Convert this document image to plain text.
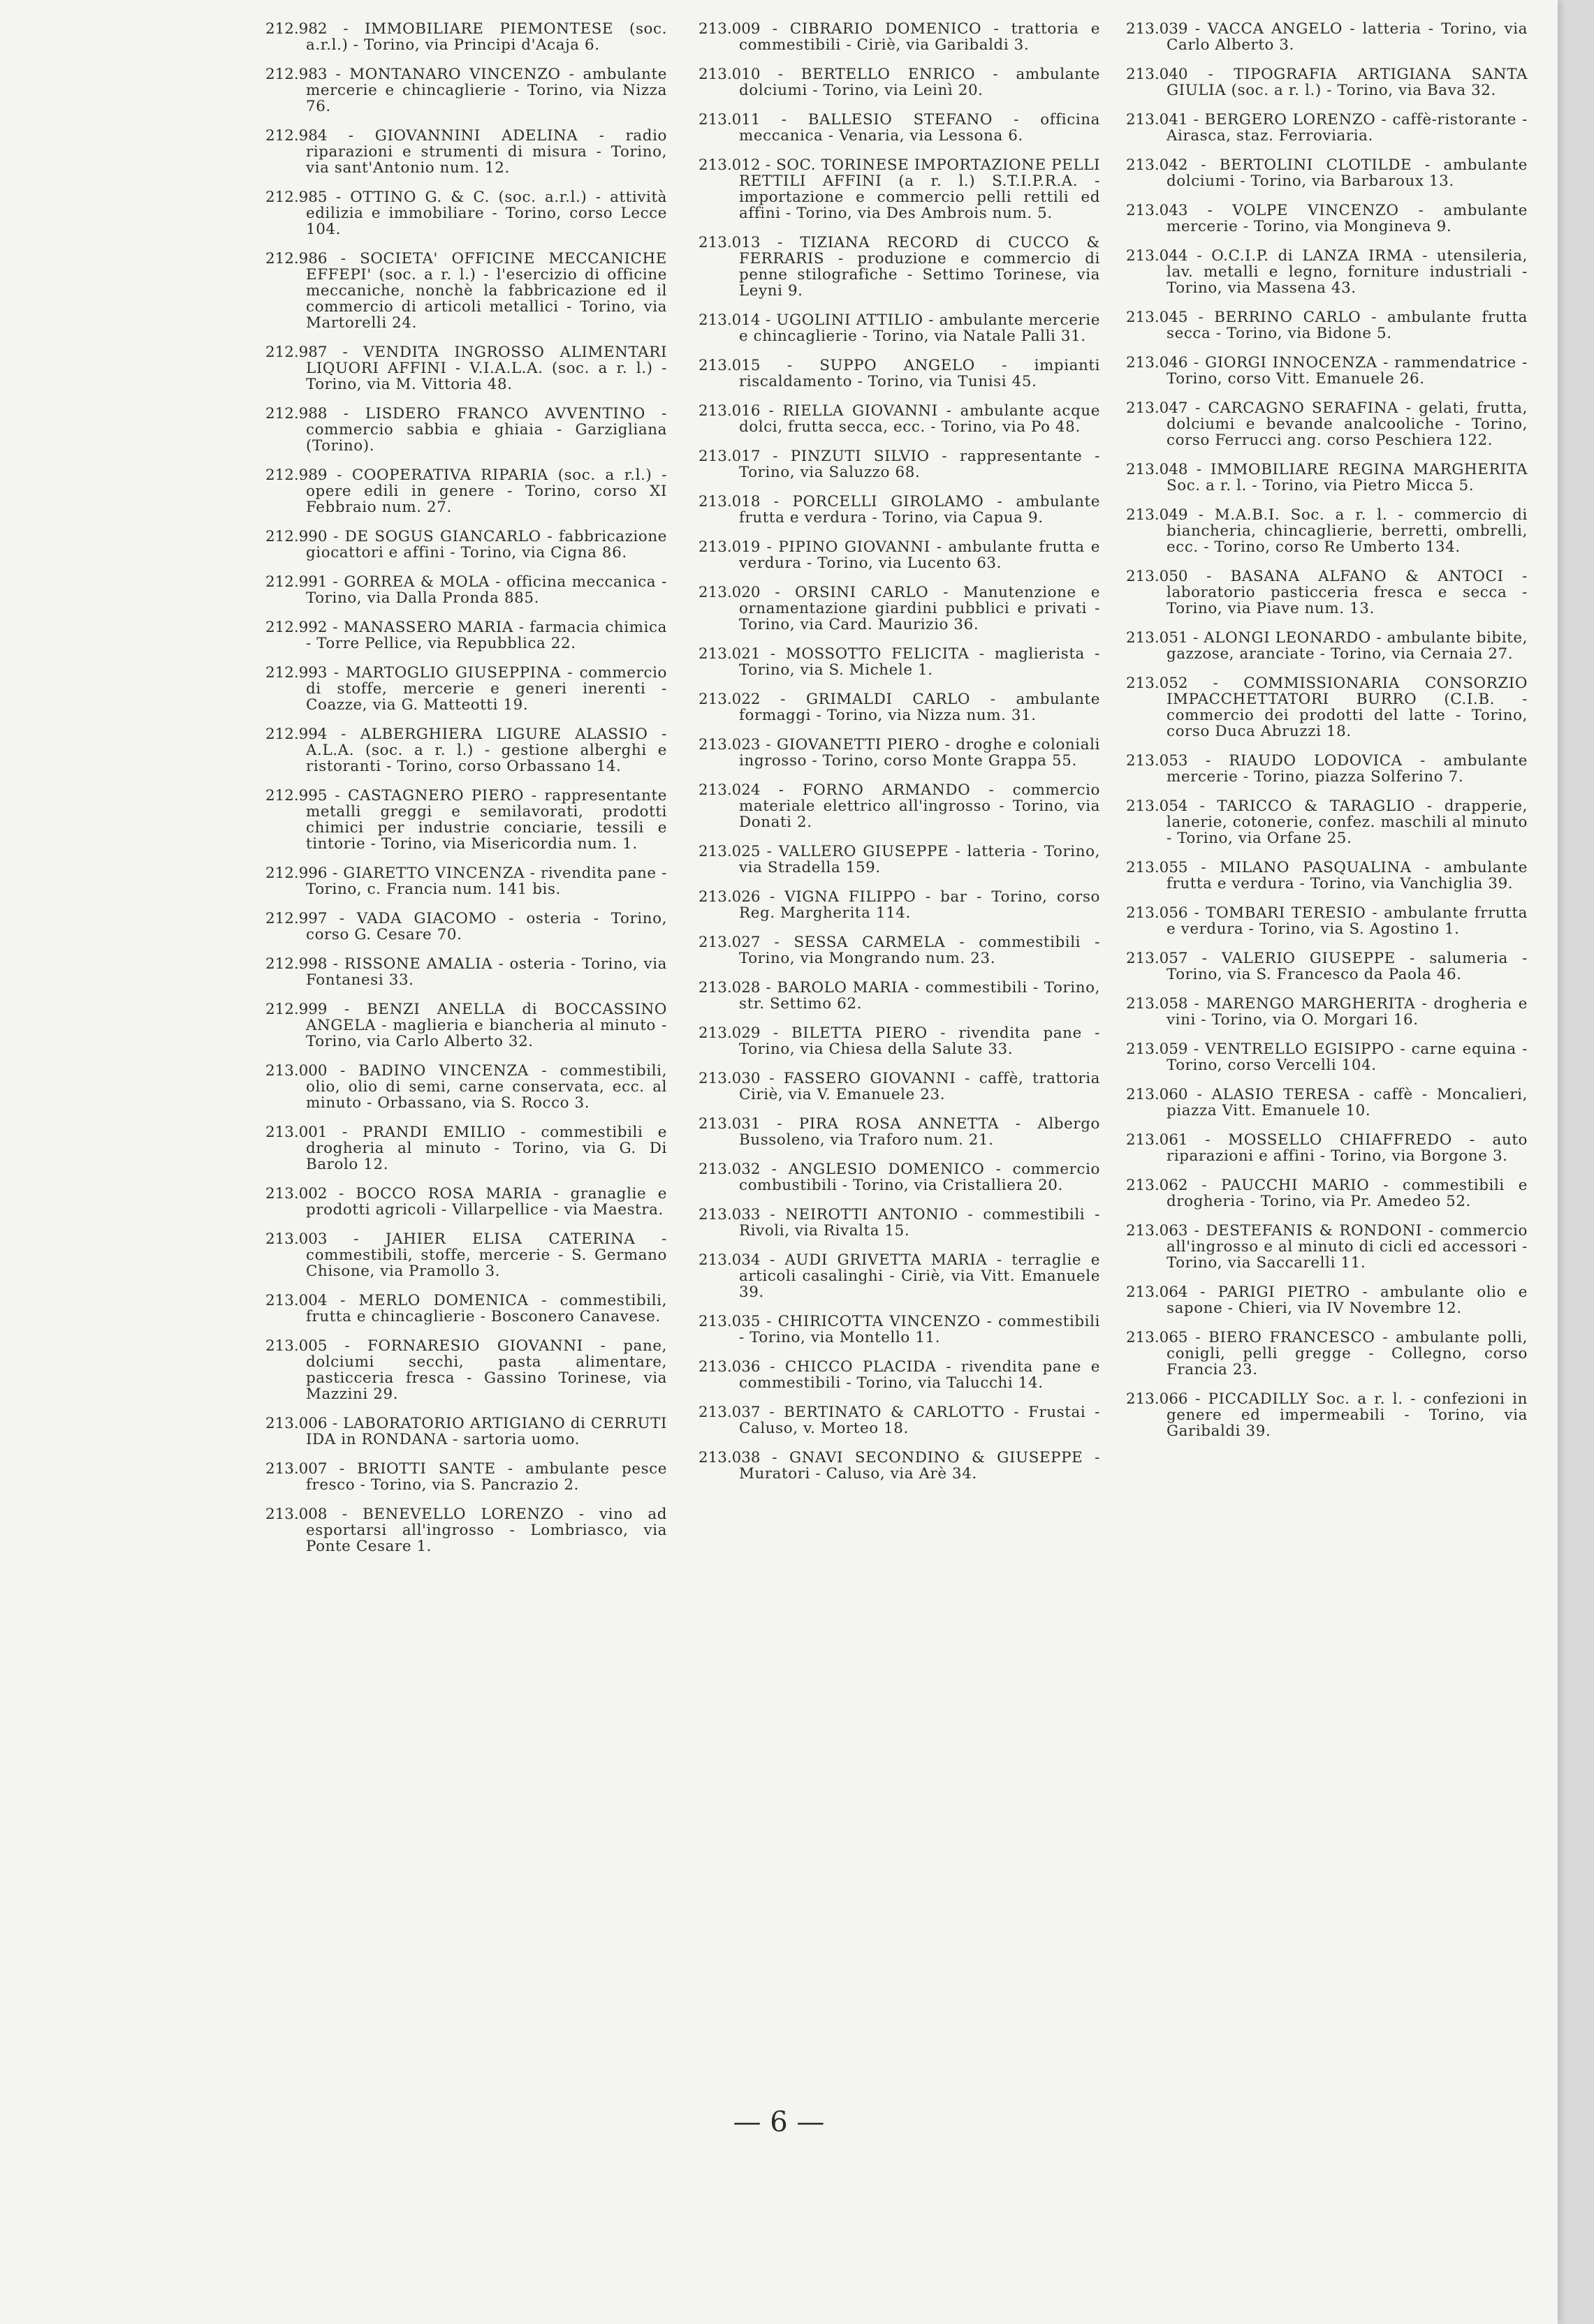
212.982 - IMMOBILIARE PIEMONTESE (soc. a.r.l.) - Torino, via Principi d'Acaja 6.
212.983 - MONTANARO VINCENZO - ambulante mercerie e chincaglierie - Torino, via Nizza 76.
212.984 - GIOVANNINI ADELINA - radio riparazioni e strumenti di misura - Torino, via sant'Antonio num. 12.
212.985 - OTTINO G. & C. (soc. a.r.l.) - attività edilizia e immobiliare - Torino, corso Lecce 104.
212.986 - SOCIETA' OFFICINE MECCANICHE EFFEPI' (soc. a r. l.) - l'esercizio di officine meccaniche, nonchè la fabbricazione ed il commercio di articoli metallici - Torino, via Martorelli 24.
212.987 - VENDITA INGROSSO ALIMENTARI LIQUORI AFFINI - V.I.A.L.A. (soc. a r. l.) - Torino, via M. Vittoria 48.
212.988 - LISDERO FRANCO AVVENTINO - commercio sabbia e ghiaia - Garzigliana (Torino).
212.989 - COOPERATIVA RIPARIA (soc. a r.l.) - opere edili in genere - Torino, corso XI Febbraio num. 27.
212.990 - DE SOGUS GIANCARLO - fabbricazione giocattori e affini - Torino, via Cigna 86.
212.991 - GORREA & MOLA - officina meccanica - Torino, via Dalla Pronda 885.
212.992 - MANASSERO MARIA - farmacia chimica - Torre Pellice, via Repubblica 22.
212.993 - MARTOGLIO GIUSEPPINA - commercio di stoffe, mercerie e generi inerenti - Coazze, via G. Matteotti 19.
212.994 - ALBERGHIERA LIGURE ALASSIO - A.L.A. (soc. a r. l.) - gestione alberghi e ristoranti - Torino, corso Orbassano 14.
212.995 - CASTAGNERO PIERO - rappresentante metalli greggi e semilavorati, prodotti chimici per industrie conciarie, tessili e tintorie - Torino, via Misericordia num. 1.
212.996 - GIARETTO VINCENZA - rivendita pane - Torino, c. Francia num. 141 bis.
212.997 - VADA GIACOMO - osteria - Torino, corso G. Cesare 70.
212.998 - RISSONE AMALIA - osteria - Torino, via Fontanesi 33.
212.999 - BENZI ANELLA di BOCCASSINO ANGELA - maglieria e biancheria al minuto - Torino, via Carlo Alberto 32.
213.000 - BADINO VINCENZA - commestibili, olio, olio di semi, carne conservata, ecc. al minuto - Orbassano, via S. Rocco 3.
213.001 - PRANDI EMILIO - commestibili e drogheria al minuto - Torino, via G. Di Barolo 12.
213.002 - BOCCO ROSA MARIA - granaglie e prodotti agricoli - Villarpellice - via Maestra.
213.003 - JAHIER ELISA CATERINA - commestibili, stoffe, mercerie - S. Germano Chisone, via Pramollo 3.
213.004 - MERLO DOMENICA - commestibili, frutta e chincaglierie - Bosconero Canavese.
213.005 - FORNARESIO GIOVANNI - pane, dolciumi secchi, pasta alimentare, pasticceria fresca - Gassino Torinese, via Mazzini 29.
213.006 - LABORATORIO ARTIGIANO di CERRUTI IDA in RONDANA - sartoria uomo.
213.007 - BRIOTTI SANTE - ambulante pesce fresco - Torino, via S. Pancrazio 2.
213.008 - BENEVELLO LORENZO - vino ad esportarsi all'ingrosso - Lombriasco, via Ponte Cesare 1.
213.009 - CIBRARIO DOMENICO - trattoria e commestibili - Ciriè, via Garibaldi 3.
213.010 - BERTELLO ENRICO - ambulante dolciumi - Torino, via Leinì 20.
213.011 - BALLESIO STEFANO - officina meccanica - Venaria, via Lessona 6.
213.012 - SOC. TORINESE IMPORTAZIONE PELLI RETTILI AFFINI (a r. l.) S.T.I.P.R.A. - importazione e commercio pelli rettili ed affini - Torino, via Des Ambrois num. 5.
213.013 - TIZIANA RECORD di CUCCO & FERRARIS - produzione e commercio di penne stilografiche - Settimo Torinese, via Leyni 9.
213.014 - UGOLINI ATTILIO - ambulante mercerie e chincaglierie - Torino, via Natale Palli 31.
213.015 - SUPPO ANGELO - impianti riscaldamento - Torino, via Tunisi 45.
213.016 - RIELLA GIOVANNI - ambulante acque dolci, frutta secca, ecc. - Torino, via Po 48.
213.017 - PINZUTI SILVIO - rappresentante - Torino, via Saluzzo 68.
213.018 - PORCELLI GIROLAMO - ambulante frutta e verdura - Torino, via Capua 9.
213.019 - PIPINO GIOVANNI - ambulante frutta e verdura - Torino, via Lucento 63.
213.020 - ORSINI CARLO - Manutenzione e ornamentazione giardini pubblici e privati - Torino, via Card. Maurizio 36.
213.021 - MOSSOTTO FELICITA - maglierista - Torino, via S. Michele 1.
213.022 - GRIMALDI CARLO - ambulante formaggi - Torino, via Nizza num. 31.
213.023 - GIOVANETTI PIERO - droghe e coloniali ingrosso - Torino, corso Monte Grappa 55.
213.024 - FORNO ARMANDO - commercio materiale elettrico all'ingrosso - Torino, via Donati 2.
213.025 - VALLERO GIUSEPPE - latteria - Torino, via Stradella 159.
213.026 - VIGNA FILIPPO - bar - Torino, corso Reg. Margherita 114.
213.027 - SESSA CARMELA - commestibili - Torino, via Mongrando num. 23.
213.028 - BAROLO MARIA - commestibili - Torino, str. Settimo 62.
213.029 - BILETTA PIERO - rivendita pane - Torino, via Chiesa della Salute 33.
213.030 - FASSERO GIOVANNI - caffè, trattoria Ciriè, via V. Emanuele 23.
213.031 - PIRA ROSA ANNETTA - Albergo Bussoleno, via Traforo num. 21.
213.032 - ANGLESIO DOMENICO - commercio combustibili - Torino, via Cristalliera 20.
213.033 - NEIROTTI ANTONIO - commestibili - Rivoli, via Rivalta 15.
213.034 - AUDI GRIVETTA MARIA - terraglie e articoli casalinghi - Ciriè, via Vitt. Emanuele 39.
213.035 - CHIRICOTTA VINCENZO - commestibili - Torino, via Montello 11.
213.036 - CHICCO PLACIDA - rivendita pane e commestibili - Torino, via Talucchi 14.
213.037 - BERTINATO & CARLOTTO - Frustai - Caluso, v. Morteo 18.
213.038 - GNAVI SECONDINO & GIUSEPPE - Muratori - Caluso, via Arè 34.
213.039 - VACCA ANGELO - latteria - Torino, via Carlo Alberto 3.
213.040 - TIPOGRAFIA ARTIGIANA SANTA GIULIA (soc. a r. l.) - Torino, via Bava 32.
213.041 - BERGERO LORENZO - caffè-ristorante - Airasca, staz. Ferroviaria.
213.042 - BERTOLINI CLOTILDE - ambulante dolciumi - Torino, via Barbaroux 13.
213.043 - VOLPE VINCENZO - ambulante mercerie - Torino, via Mongineva 9.
213.044 - O.C.I.P. di LANZA IRMA - utensileria, lav. metalli e legno, forniture industriali - Torino, via Massena 43.
213.045 - BERRINO CARLO - ambulante frutta secca - Torino, via Bidone 5.
213.046 - GIORGI INNOCENZA - rammendatrice - Torino, corso Vitt. Emanuele 26.
213.047 - CARCAGNO SERAFINA - gelati, frutta, dolciumi e bevande analcooliche - Torino, corso Ferrucci ang. corso Peschiera 122.
213.048 - IMMOBILIARE REGINA MARGHERITA Soc. a r. l. - Torino, via Pietro Micca 5.
213.049 - M.A.B.I. Soc. a r. l. - commercio di biancheria, chincaglierie, berretti, ombrelli, ecc. - Torino, corso Re Umberto 134.
213.050 - BASANA ALFANO & ANTOCI - laboratorio pasticceria fresca e secca - Torino, via Piave num. 13.
213.051 - ALONGI LEONARDO - ambulante bibite, gazzose, aranciate - Torino, via Cernaia 27.
213.052 - COMMISSIONARIA CONSORZIO IMPACCHETTATORI BURRO (C.I.B. - commercio dei prodotti del latte - Torino, corso Duca Abruzzi 18.
213.053 - RIAUDO LODOVICA - ambulante mercerie - Torino, piazza Solferino 7.
213.054 - TARICCO & TARAGLIO - drapperie, lanerie, cotonerie, confez. maschili al minuto - Torino, via Orfane 25.
213.055 - MILANO PASQUALINA - ambulante frutta e verdura - Torino, via Vanchiglia 39.
213.056 - TOMBARI TERESIO - ambulante frrutta e verdura - Torino, via S. Agostino 1.
213.057 - VALERIO GIUSEPPE - salumeria - Torino, via S. Francesco da Paola 46.
213.058 - MARENGO MARGHERITA - drogheria e vini - Torino, via O. Morgari 16.
213.059 - VENTRELLO EGISIPPO - carne equina - Torino, corso Vercelli 104.
213.060 - ALASIO TERESA - caffè - Moncalieri, piazza Vitt. Emanuele 10.
213.061 - MOSSELLO CHIAFFREDO - auto riparazioni e affini - Torino, via Borgone 3.
213.062 - PAUCCHI MARIO - commestibili e drogheria - Torino, via Pr. Amedeo 52.
213.063 - DESTEFANIS & RONDONI - commercio all'ingrosso e al minuto di cicli ed accessori - Torino, via Saccarelli 11.
213.064 - PARIGI PIETRO - ambulante olio e sapone - Chieri, via IV Novembre 12.
213.065 - BIERO FRANCESCO - ambulante polli, conigli, pelli gregge - Collegno, corso Francia 23.
213.066 - PICCADILLY Soc. a r. l. - confezioni in genere ed impermeabili - Torino, via Garibaldi 39.
— 6 —
